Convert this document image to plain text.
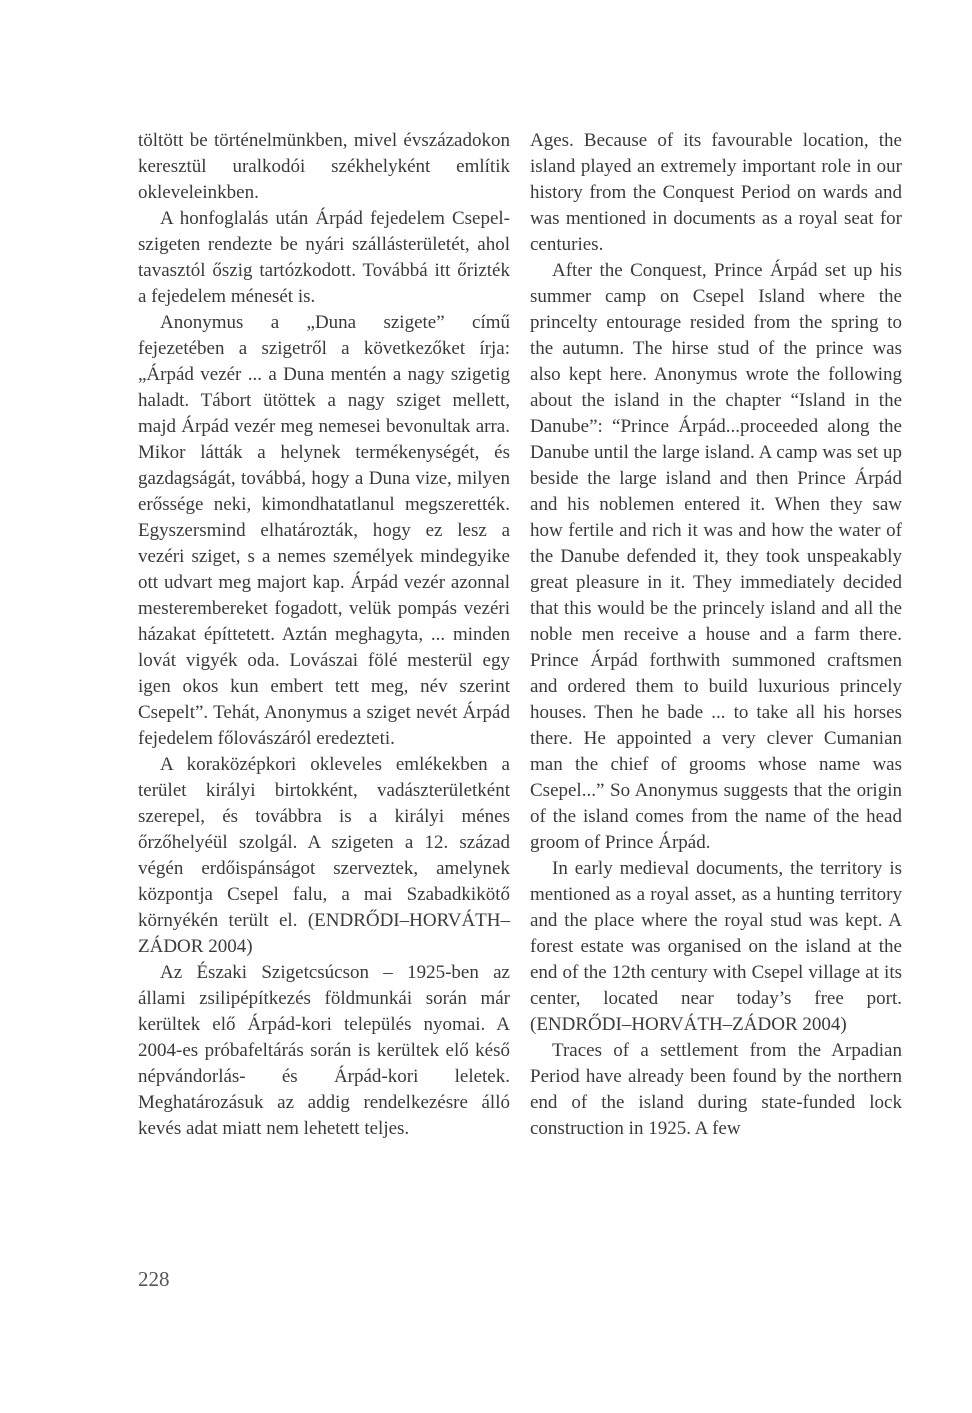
töltött be történelmünkben, mivel évszázadokon keresztül uralkodói székhelyként említik okleveleinkben.

A honfoglalás után Árpád fejedelem Csepel-szigeten rendezte be nyári szállásterületét, ahol tavasztól őszig tartózkodott. Továbbá itt őrizték a fejedelem ménesét is.

Anonymus a „Duna szigete” című fejezetében a szigetről a következőket írja: „Árpád vezér ... a Duna mentén a nagy szigetig haladt. Tábort ütöttek a nagy sziget mellett, majd Árpád vezér meg nemesei bevonultak arra. Mikor látták a helynek termékenységét, és gazdagságát, továbbá, hogy a Duna vize, milyen erőssége neki, kimondhatatlanul megszerették. Egyszersmind elhatározták, hogy ez lesz a vezéri sziget, s a nemes személyek mindegyike ott udvart meg majort kap. Árpád vezér azonnal mesterembereket fogadott, velük pompás vezéri házakat építtetett. Aztán meghagyta, ... minden lovát vigyék oda. Lovászai fölé mesterül egy igen okos kun embert tett meg, név szerint Csepelt”. Tehát, Anonymus a sziget nevét Árpád fejedelem főlovászáról eredezteti.

A koraközépkori okleveles emlékekben a terület királyi birtokként, vadászterületként szerepel, és továbbra is a királyi ménes őrzőhelyéül szolgál. A szigeten a 12. század végén erdőispánságot szerveztek, amelynek központja Csepel falu, a mai Szabadkikötő környékén terült el. (ENDRŐDI–HORVÁTH–ZÁDOR 2004)

Az Északi Szigetcsúcson – 1925-ben az állami zsilipépítkezés földmunkái során már kerültek elő Árpád-kori település nyomai. A 2004-es próbafeltárás során is kerültek elő késő népvándorlás- és Árpád-kori leletek. Meghatározásuk az addig rendelkezésre álló kevés adat miatt nem lehetett teljes.

Ages. Because of its favourable location, the island played an extremely important role in our history from the Conquest Period on wards and was mentioned in documents as a royal seat for centuries.

After the Conquest, Prince Árpád set up his summer camp on Csepel Island where the princelty entourage resided from the spring to the autumn. The hirse stud of the prince was also kept here. Anonymus wrote the following about the island in the chapter “Island in the Danube”: “Prince Árpád...proceeded along the Danube until the large island. A camp was set up beside the large island and then Prince Árpád and his noblemen entered it. When they saw how fertile and rich it was and how the water of the Danube defended it, they took unspeakably great pleasure in it. They immediately decided that this would be the princely island and all the noble men receive a house and a farm there. Prince Árpád forthwith summoned craftsmen and ordered them to build luxurious princely houses. Then he bade ... to take all his horses there. He appointed a very clever Cumanian man the chief of grooms whose name was Csepel...” So Anonymus suggests that the origin of the island comes from the name of the head groom of Prince Árpád.

In early medieval documents, the territory is mentioned as a royal asset, as a hunting territory and the place where the royal stud was kept. A forest estate was organised on the island at the end of the 12th century with Csepel village at its center, located near today’s free port. (ENDRŐDI–HORVÁTH–ZÁDOR 2004)

Traces of a settlement from the Arpadian Period have already been found by the northern end of the island during state-funded lock construction in 1925. A few

228
